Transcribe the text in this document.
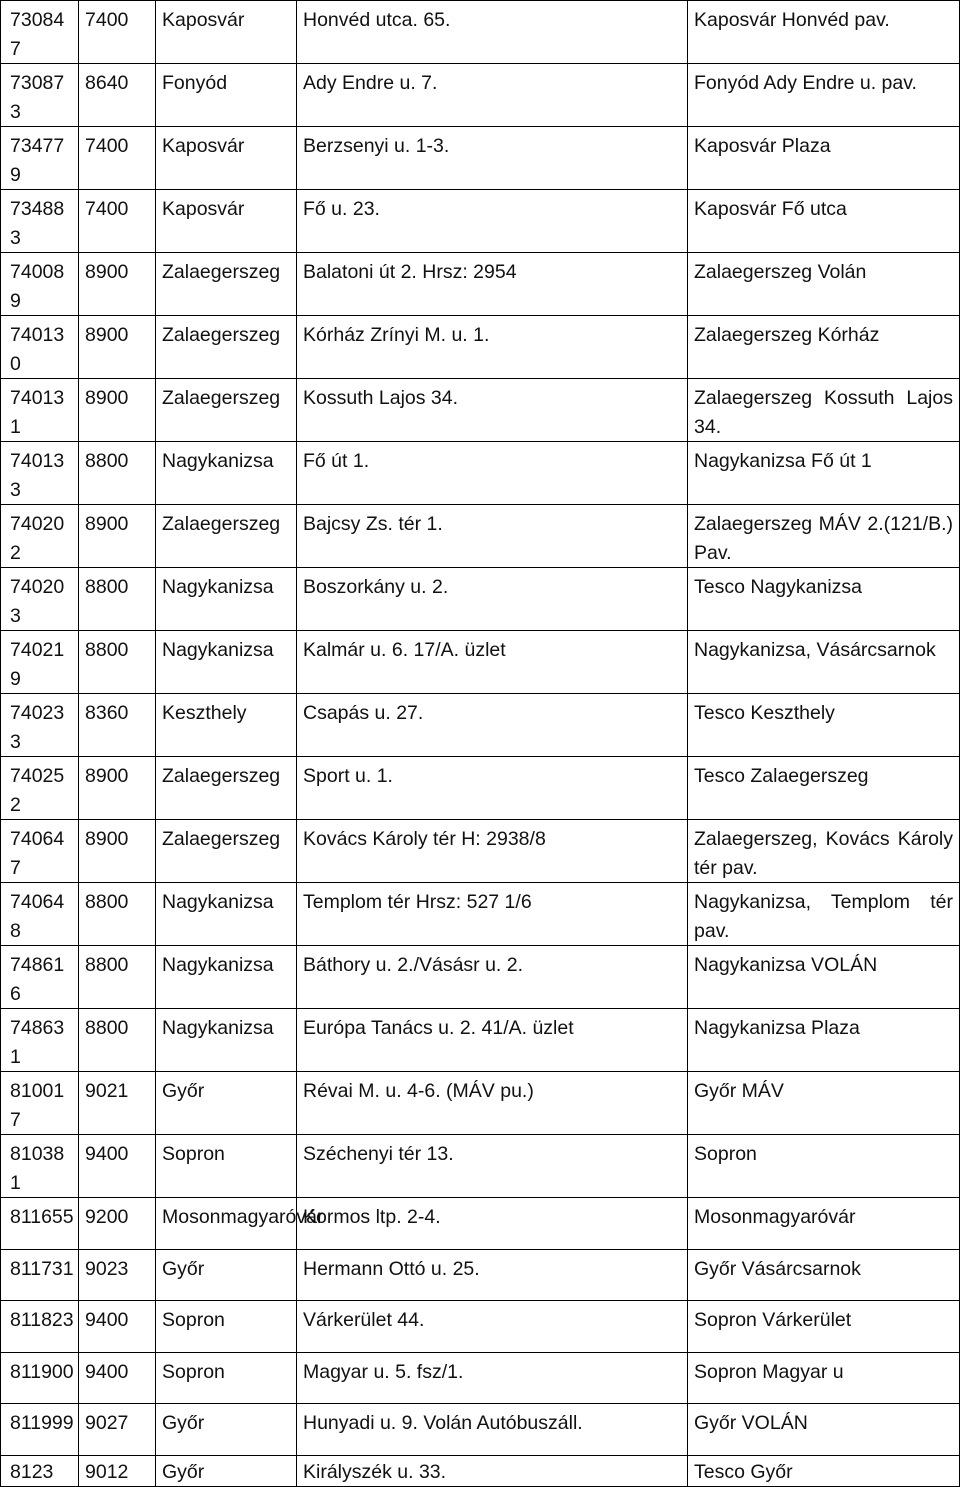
730847	7400	Kaposvár	Honvéd utca. 65.	Kaposvár Honvéd pav.
730873	8640	Fonyód	Ady Endre u. 7.	Fonyód Ady Endre u. pav.
734779	7400	Kaposvár	Berzsenyi u. 1-3.	Kaposvár Plaza
734883	7400	Kaposvár	Fő u. 23.	Kaposvár Fő utca
740089	8900	Zalaegerszeg	Balatoni út 2. Hrsz: 2954	Zalaegerszeg Volán
740130	8900	Zalaegerszeg	Kórház Zrínyi M. u. 1.	Zalaegerszeg Kórház
740131	8900	Zalaegerszeg	Kossuth Lajos 34.	Zalaegerszeg Kossuth Lajos 34.
740133	8800	Nagykanizsa	Fő út 1.	Nagykanizsa Fő út 1
740202	8900	Zalaegerszeg	Bajcsy Zs. tér 1.	Zalaegerszeg MÁV 2.(121/B.) Pav.
740203	8800	Nagykanizsa	Boszorkány u. 2.	Tesco Nagykanizsa
740219	8800	Nagykanizsa	Kalmár u. 6. 17/A. üzlet	Nagykanizsa, Vásárcsarnok
740233	8360	Keszthely	Csapás u. 27.	Tesco Keszthely
740252	8900	Zalaegerszeg	Sport u. 1.	Tesco Zalaegerszeg
740647	8900	Zalaegerszeg	Kovács Károly tér H: 2938/8	Zalaegerszeg, Kovács Károly tér pav.
740648	8800	Nagykanizsa	Templom tér Hrsz: 527 1/6	Nagykanizsa, Templom tér pav.
748616	8800	Nagykanizsa	Báthory u. 2./Vásásr u. 2.	Nagykanizsa VOLÁN
748631	8800	Nagykanizsa	Európa Tanács u. 2. 41/A. üzlet	Nagykanizsa Plaza
810017	9021	Győr	Révai M. u. 4-6. (MÁV pu.)	Győr MÁV
810381	9400	Sopron	Széchenyi tér 13.	Sopron
811655	9200	Mosonmagyaróvár	Kormos ltp. 2-4.	Mosonmagyaróvár
811731	9023	Győr	Hermann Ottó u. 25.	Győr Vásárcsarnok
811823	9400	Sopron	Várkerület 44.	Sopron Várkerület
811900	9400	Sopron	Magyar u. 5. fsz/1.	Sopron Magyar u
811999	9027	Győr	Hunyadi u. 9. Volán Autóbuszáll.	Győr VOLÁN
8123	9012	Győr	Királyszék u. 33.	Tesco Győr
